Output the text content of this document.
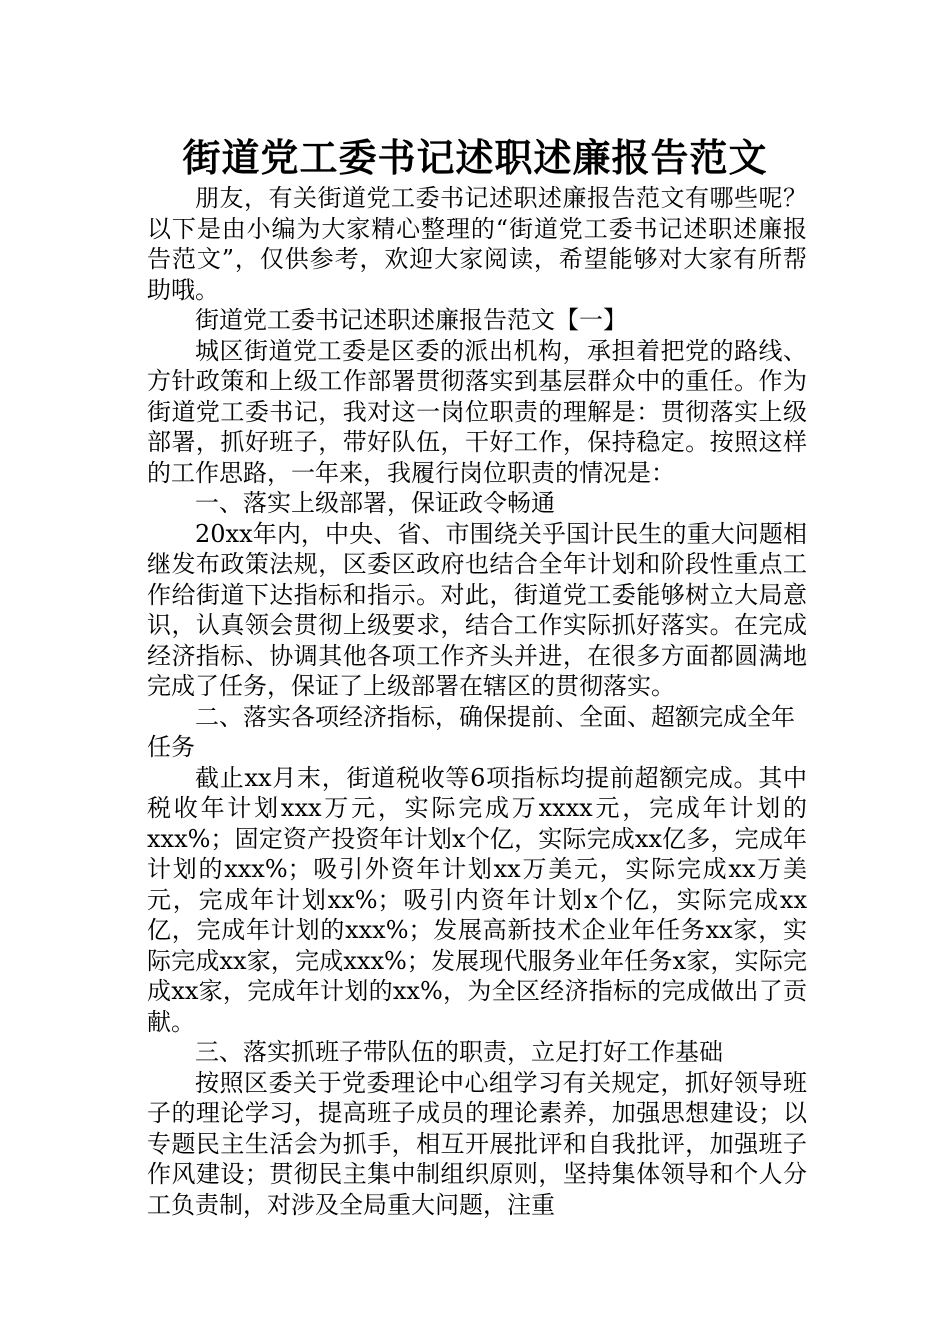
街道党工委书记述职述廉报告范文

朋友，有关街道党工委书记述职述廉报告范文有哪些呢？以下是由小编为大家精心整理的“街道党工委书记述职述廉报告范文”，仅供参考，欢迎大家阅读，希望能够对大家有所帮助哦。

街道党工委书记述职述廉报告范文【一】

城区街道党工委是区委的派出机构，承担着把党的路线、方针政策和上级工作部署贯彻落实到基层群众中的重任。作为街道党工委书记，我对这一岗位职责的理解是：贯彻落实上级部署，抓好班子，带好队伍，干好工作，保持稳定。按照这样的工作思路，一年来，我履行岗位职责的情况是：

一、落实上级部署，保证政令畅通

20xx年内，中央、省、市围绕关乎国计民生的重大问题相继发布政策法规，区委区政府也结合全年计划和阶段性重点工作给街道下达指标和指示。对此，街道党工委能够树立大局意识，认真领会贯彻上级要求，结合工作实际抓好落实。在完成经济指标、协调其他各项工作齐头并进，在很多方面都圆满地完成了任务，保证了上级部署在辖区的贯彻落实。

二、落实各项经济指标，确保提前、全面、超额完成全年任务

截止xx月末，街道税收等6项指标均提前超额完成。其中税收年计划xxx万元，实际完成万xxxx元，完成年计划的xxx%；固定资产投资年计划x个亿，实际完成xx亿多，完成年计划的xxx%；吸引外资年计划xx万美元，实际完成xx万美元，完成年计划xx%；吸引内资年计划x个亿，实际完成xx亿，完成年计划的xxx%；发展高新技术企业年任务xx家，实际完成xx家，完成xxx%；发展现代服务业年任务x家，实际完成xx家，完成年计划的xx%，为全区经济指标的完成做出了贡献。

三、落实抓班子带队伍的职责，立足打好工作基础

按照区委关于党委理论中心组学习有关规定，抓好领导班子的理论学习，提高班子成员的理论素养，加强思想建设；以专题民主生活会为抓手，相互开展批评和自我批评，加强班子作风建设；贯彻民主集中制组织原则，坚持集体领导和个人分工负责制，对涉及全局重大问题，注重
